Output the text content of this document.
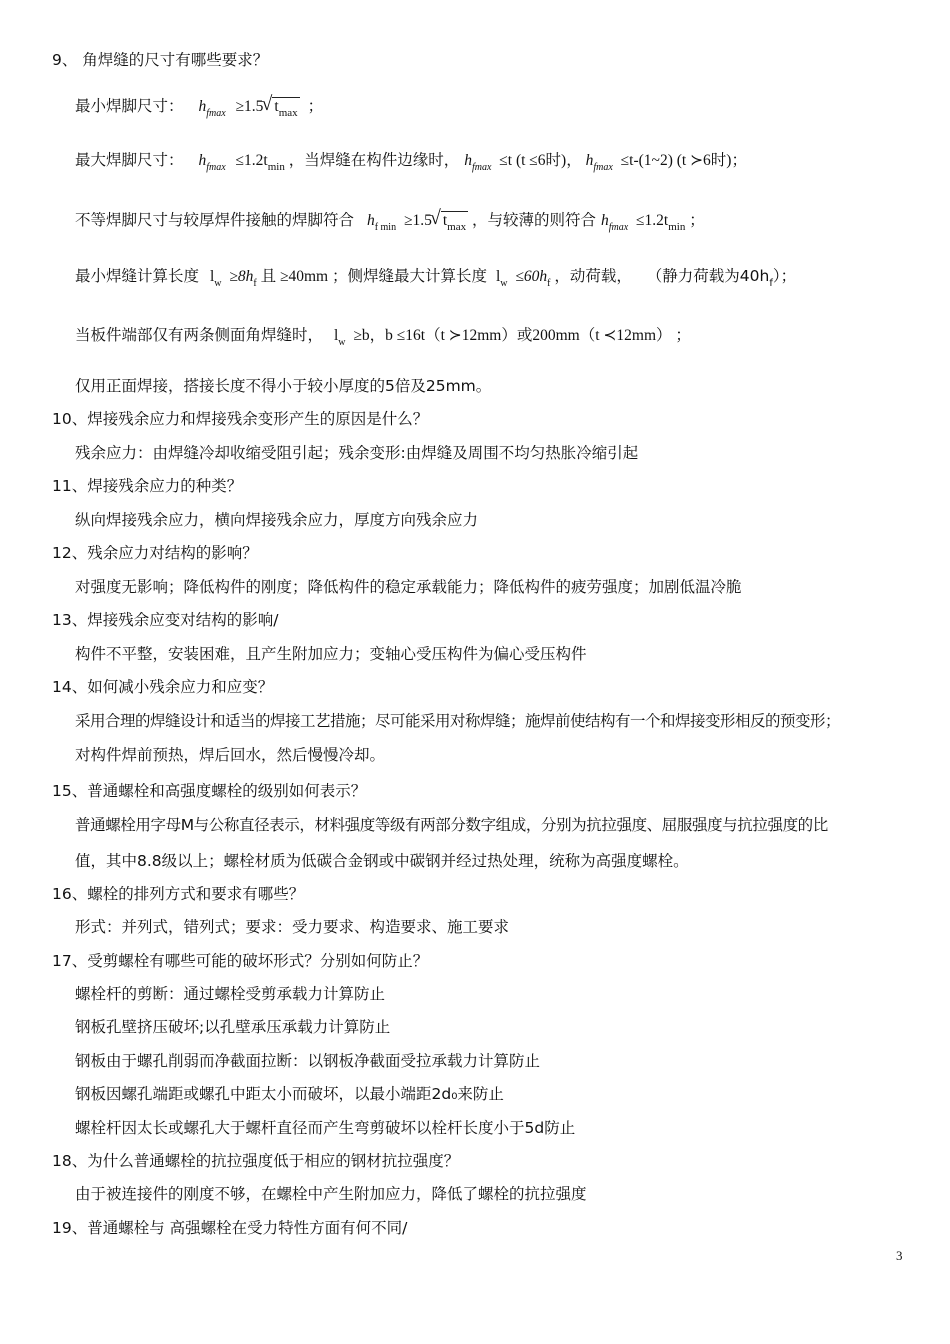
9、 角焊缝的尺寸有哪些要求？
最小焊脚尺寸： $h_{fmax} \ge 1.5√$ $t_{max}$ ；
最大焊脚尺寸： $h_{fmax} \le 1.2t_{min}$ ，当焊缝在构件边缘时， $h_{fmax} \le t$ (t ≤6时)， $h_{fmax}$ ≤t-(1~2) (t ≻6时)；
不等焊脚尺寸与较厚焊件接触的焊脚符合 $h_{f min} \ge 1.5√$ $t_{max}$ ，与较薄的则符合 $h_{fmax} \le 1.2t_{min}$ ；
最小焊缝计算长度 $l_w \ge 8h_f$ 且 ≥40mm ；侧焊缝最大计算长度 $l_w \le 60h_f$ ，动荷载， （静力荷载为$40h_f$）；
当板件端部仅有两条侧面角焊缝时， $l_w \ge b$，b ≤16t（t ≻12mm）或200mm（t ≺12mm） ；
仅用正面焊接，搭接长度不得小于较小厚度的5倍及25mm。
10、焊接残余应力和焊接残余变形产生的原因是什么？
残余应力：由焊缝冷却收缩受阻引起；残余变形:由焊缝及周围不均匀热胀冷缩引起
11、焊接残余应力的种类？
纵向焊接残余应力，横向焊接残余应力，厚度方向残余应力
12、残余应力对结构的影响？
对强度无影响；降低构件的刚度；降低构件的稳定承载能力；降低构件的疲劳强度；加剧低温冷脆
13、焊接残余应变对结构的影响/
构件不平整，安装困难，且产生附加应力；变轴心受压构件为偏心受压构件
14、如何减小残余应力和应变？
采用合理的焊缝设计和适当的焊接工艺措施；尽可能采用对称焊缝；施焊前使结构有一个和焊接变形相反的预变形；
对构件焊前预热，焊后回水，然后慢慢冷却。
15、普通螺栓和高强度螺栓的级别如何表示？
普通螺栓用字母M与公称直径表示，材料强度等级有两部分数字组成，分别为抗拉强度、屈服强度与抗拉强度的比
值，其中8.8级以上；螺栓材质为低碳合金钢或中碳钢并经过热处理，统称为高强度螺栓。
16、螺栓的排列方式和要求有哪些？
形式：并列式，错列式；要求：受力要求、构造要求、施工要求
17、受剪螺栓有哪些可能的破坏形式？分别如何防止？
螺栓杆的剪断：通过螺栓受剪承载力计算防止
钢板孔壁挤压破坏;以孔壁承压承载力计算防止
钢板由于螺孔削弱而净截面拉断：以钢板净截面受拉承载力计算防止
钢板因螺孔端距或螺孔中距太小而破坏，以最小端距2d₀来防止
螺栓杆因太长或螺孔大于螺杆直径而产生弯剪破坏以栓杆长度小于5d防止
18、为什么普通螺栓的抗拉强度低于相应的钢材抗拉强度？
由于被连接件的刚度不够，在螺栓中产生附加应力，降低了螺栓的抗拉强度
19、普通螺栓与 高强螺栓在受力特性方面有何不同/
3
